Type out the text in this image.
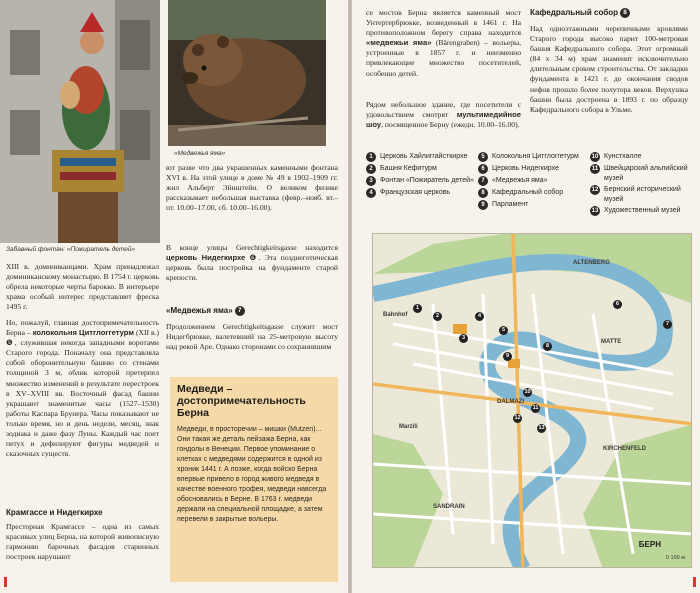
Забавный фонтан: «Пожиратель детей»
«Медвежья яма»
XIII в. доминиканцами. Храм принадлежал доминиканскому монастырю. В 1754 г. церковь обрела некоторые черты барокко. В интерьере храма особый интерес представляет фреска 1495 г.
Но, пожалуй, главная достопримечательность Берна – колокольня Цитглоггетурм (XII в.) ❺, служившая некогда западными воротами Старого города. Поначалу она представляла собой оборонительную башню со стенами толщиной 3 м, облик которой претерпел множество изменений в результате перестроек в XV–XVIII вв. Восточный фасад башни украшают знаменитые часы (1527–1530) работы Каспара Брунера. Часы показывают не только время, но и день недели, месяц, знак зодиака и даже фазу Луны. Каждый час поет петух и дефилируют фигуры медведей и сказочных существ.
Крамгассе и Нидегкирхе
Престорная Крамгассе – одна из самых красивых улиц Берна, на которой живописную гармонию барочных фасадов старинных построек нарушают
ют разве что два украшенных каменными фонтана XVI в. На этой улице в доме № 49 в 1902–1909 гг. жил Альберт Эйнштейн. О великом физике рассказывает небольшая выставка (февр.–нояб. вт.–пт. 10.00–17.00, сб. 10.00–16.00).
В конце улицы Gerechtigkeitsgasse находится церковь Нидегкирхе ❻. Эта позднеготическая церковь была постройка на фундаменте старой крепости.
«Медвежья яма» 7
Продолжением Gerechtigkeitsgasse служит мост Нидегбрюкке, валетевший на 25-метровую высоту над рекой Аре. Однако сторонами со сохранившим
Медведи – достопримечательность Берна

Медведи, в просторечии – мишки (Mutzen)... Они такая же деталь пейзажа Берна, как гондолы в Венеции. Первое упоминание о клетках с медведями содержится в одной из хроник 1441 г. А позже, когда войско Берна впервые привело в город живого медведя в качестве военного трофея, медведи навсегда обосновались в Берне. В 1763 г. медведи держали на специальной площадке, а затем перевели в закрытые вольеры.

се мостов Берна является каменный мост Унтертербрюкке, возведенный в 1461 г. На противоположном берегу справа находится «медвежьи ямa» (Bärengraben) – вольеры, устроенные в 1857 г. и неизменно привлекающие множество посетителей, особенно детей.
Рядом небольшое здание, где посетители с удовольствием смотрят мультимедийное шоу, посвященное Берну (ежедн. 10.00–16.00).
Кафедральный собор 8
Над одноэтажными черепичными кровлями Старого города высоко парит 100-метровая башня Кафедрального собора. Этот огромный (84 х 34 м) храм знаменит исключительно длительным сроком строительства. От закладки фундамента в 1421 г. до окончания сводов нефов прошло более полутора веков. Верхушка башни была достроена в 1893 г. по образцу Кафедрального собора в Ульме.
1	Церковь Хайлиггайсткирхе
2	Башня Кефитурм
3	Фонтан «Пожиратель детей»
4	Французская церковь
5	Колокольня Цитглоггетурм
6	Церковь Нидегкирхе
7	«Медвежья яма»
8	Кафедральный собор
9	Парламент
10 Кунстхалле
11 Швейцарский альпийский музей
12 Бернский исторический музей
13 Художественный музей
ALTENBERG
Marzili
DALMAZI
KIRCHENFELD
SANDRAIN
MATTE
Bahnhof
1
2
3
4
5
6
7
8
9
10
11
12
13
БЕРН
0 100 м
